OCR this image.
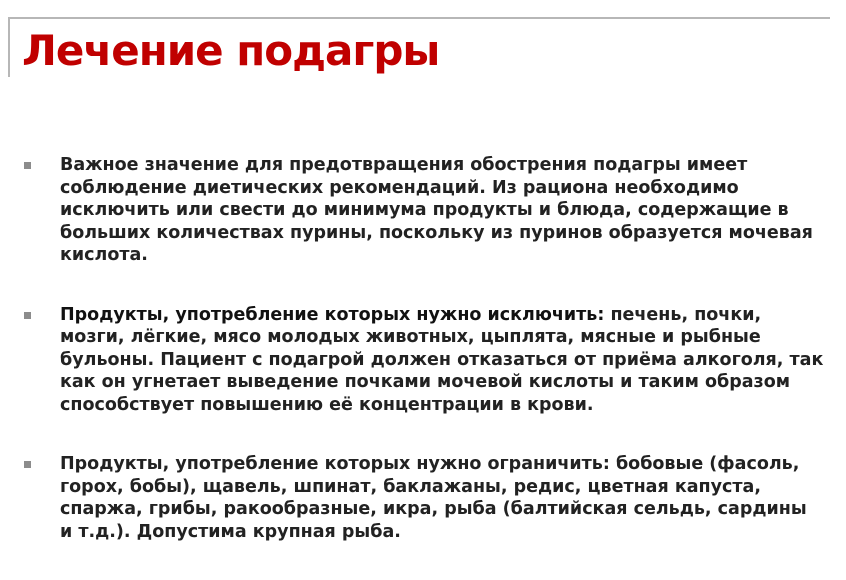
Лечение подагры
Важное значение для предотвращения обострения подагры имеет соблюдение диетических рекомендаций. Из рациона необходимо исключить или свести до минимума продукты и блюда, содержащие в больших количествах пурины, поскольку из пуринов образуется мочевая кислота.
Продукты, употребление которых нужно исключить: печень, почки, мозги, лёгкие, мясо молодых животных, цыплята, мясные и рыбные бульоны. Пациент с подагрой должен отказаться от приёма алкоголя, так как он угнетает выведение почками мочевой кислоты и таким образом способствует повышению её концентрации в крови.
Продукты, употребление которых нужно ограничить: бобовые (фасоль, горох, бобы), щавель, шпинат, баклажаны, редис, цветная капуста, спаржа, грибы, ракообразные, икра, рыба (балтийская сельдь, сардины и т.д.). Допустима крупная рыба.
